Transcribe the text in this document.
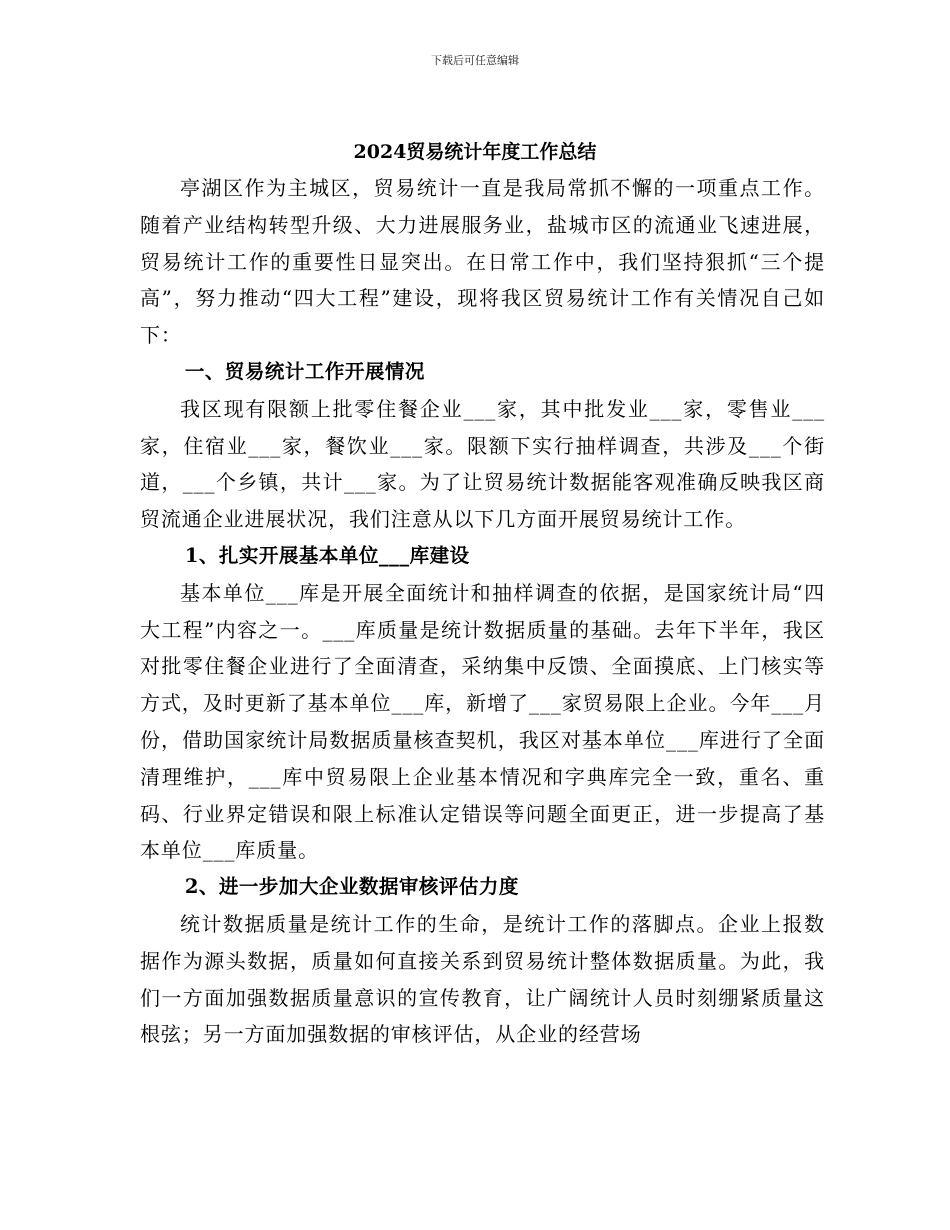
下载后可任意编辑
2024贸易统计年度工作总结

亭湖区作为主城区，贸易统计一直是我局常抓不懈的一项重点工作。随着产业结构转型升级、大力进展服务业，盐城市区的流通业飞速进展，贸易统计工作的重要性日显突出。在日常工作中，我们坚持狠抓“三个提高”，努力推动“四大工程”建设，现将我区贸易统计工作有关情况自己如下：

一、贸易统计工作开展情况

我区现有限额上批零住餐企业___家，其中批发业___家，零售业___家，住宿业___家，餐饮业___家。限额下实行抽样调查，共涉及___个街道，___个乡镇，共计___家。为了让贸易统计数据能客观准确反映我区商贸流通企业进展状况，我们注意从以下几方面开展贸易统计工作。

1、扎实开展基本单位___库建设

基本单位___库是开展全面统计和抽样调查的依据，是国家统计局“四大工程”内容之一。___库质量是统计数据质量的基础。去年下半年，我区对批零住餐企业进行了全面清查，采纳集中反馈、全面摸底、上门核实等方式，及时更新了基本单位___库，新增了___家贸易限上企业。今年___月份，借助国家统计局数据质量核查契机，我区对基本单位___库进行了全面清理维护，___库中贸易限上企业基本情况和字典库完全一致，重名、重码、行业界定错误和限上标准认定错误等问题全面更正，进一步提高了基本单位___库质量。

2、进一步加大企业数据审核评估力度

统计数据质量是统计工作的生命，是统计工作的落脚点。企业上报数据作为源头数据，质量如何直接关系到贸易统计整体数据质量。为此，我们一方面加强数据质量意识的宣传教育，让广阔统计人员时刻绷紧质量这根弦；另一方面加强数据的审核评估，从企业的经营场
